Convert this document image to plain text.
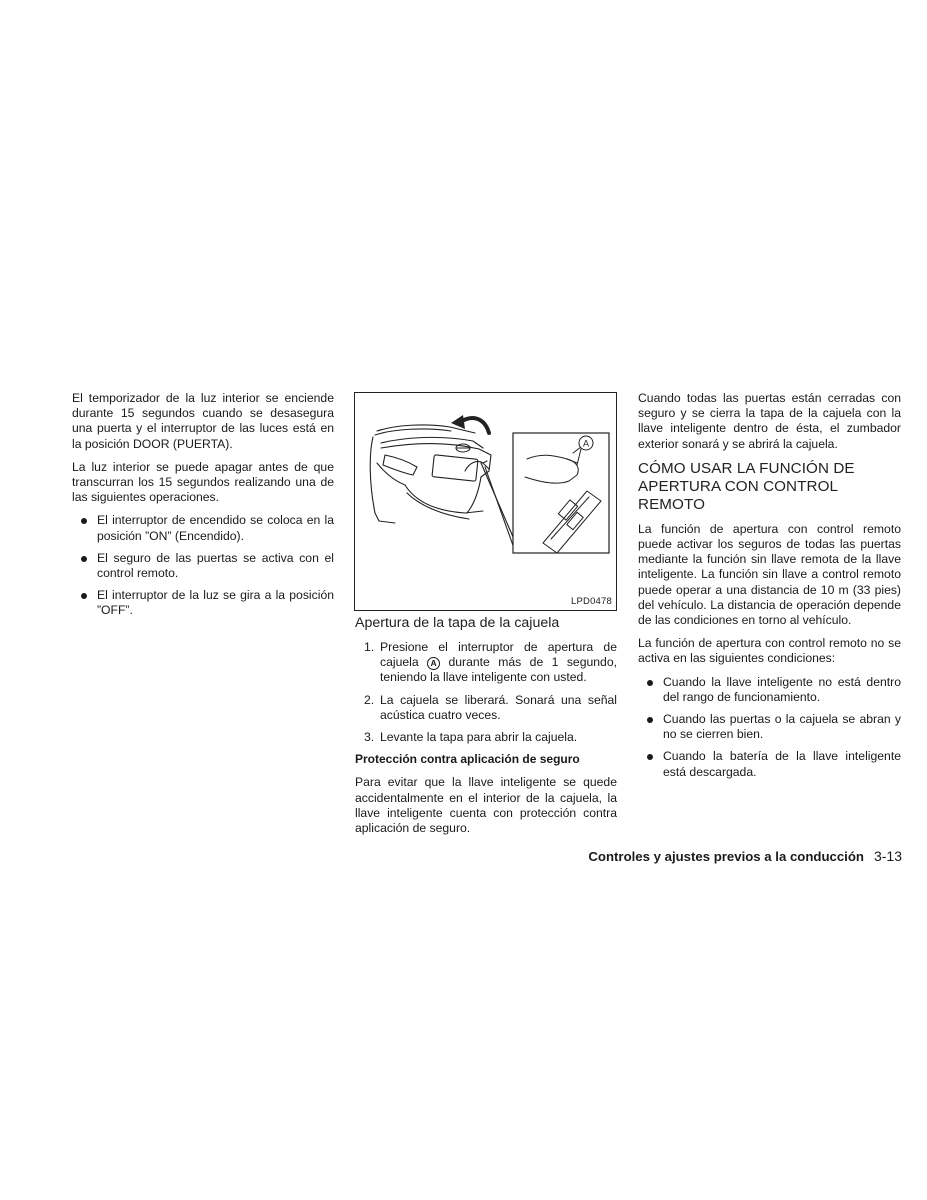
El temporizador de la luz interior se enciende durante 15 segundos cuando se desasegura una puerta y el interruptor de las luces está en la posición DOOR (PUERTA).

La luz interior se puede apagar antes de que transcurran los 15 segundos realizando una de las siguientes operaciones.

El interruptor de encendido se coloca en la posición ”ON” (Encendido).
El seguro de las puertas se activa con el control remoto.
El interruptor de la luz se gira a la posición ”OFF”.
A
LPD0478
Apertura de la tapa de la cajuela
1. Presione el interruptor de apertura de cajuela A durante más de 1 segundo, teniendo la llave inteligente con usted.
2. La cajuela se liberará. Sonará una señal acústica cuatro veces.
3. Levante la tapa para abrir la cajuela.
Protección contra aplicación de seguro

Para evitar que la llave inteligente se quede accidentalmente en el interior de la cajuela, la llave inteligente cuenta con protección contra aplicación de seguro.

Cuando todas las puertas están cerradas con seguro y se cierra la tapa de la cajuela con la llave inteligente dentro de ésta, el zumbador exterior sonará y se abrirá la cajuela.

CÓMO USAR LA FUNCIÓN DE APERTURA CON CONTROL REMOTO

La función de apertura con control remoto puede activar los seguros de todas las puertas mediante la función sin llave remota de la llave inteligente. La función sin llave a control remoto puede operar a una distancia de 10 m (33 pies) del vehículo. La distancia de operación depende de las condiciones en torno al vehículo.

La función de apertura con control remoto no se activa en las siguientes condiciones:

Cuando la llave inteligente no está dentro del rango de funcionamiento.
Cuando las puertas o la cajuela se abran y no se cierren bien.
Cuando la batería de la llave inteligente está descargada.
Controles y ajustes previos a la conducción 3-13
